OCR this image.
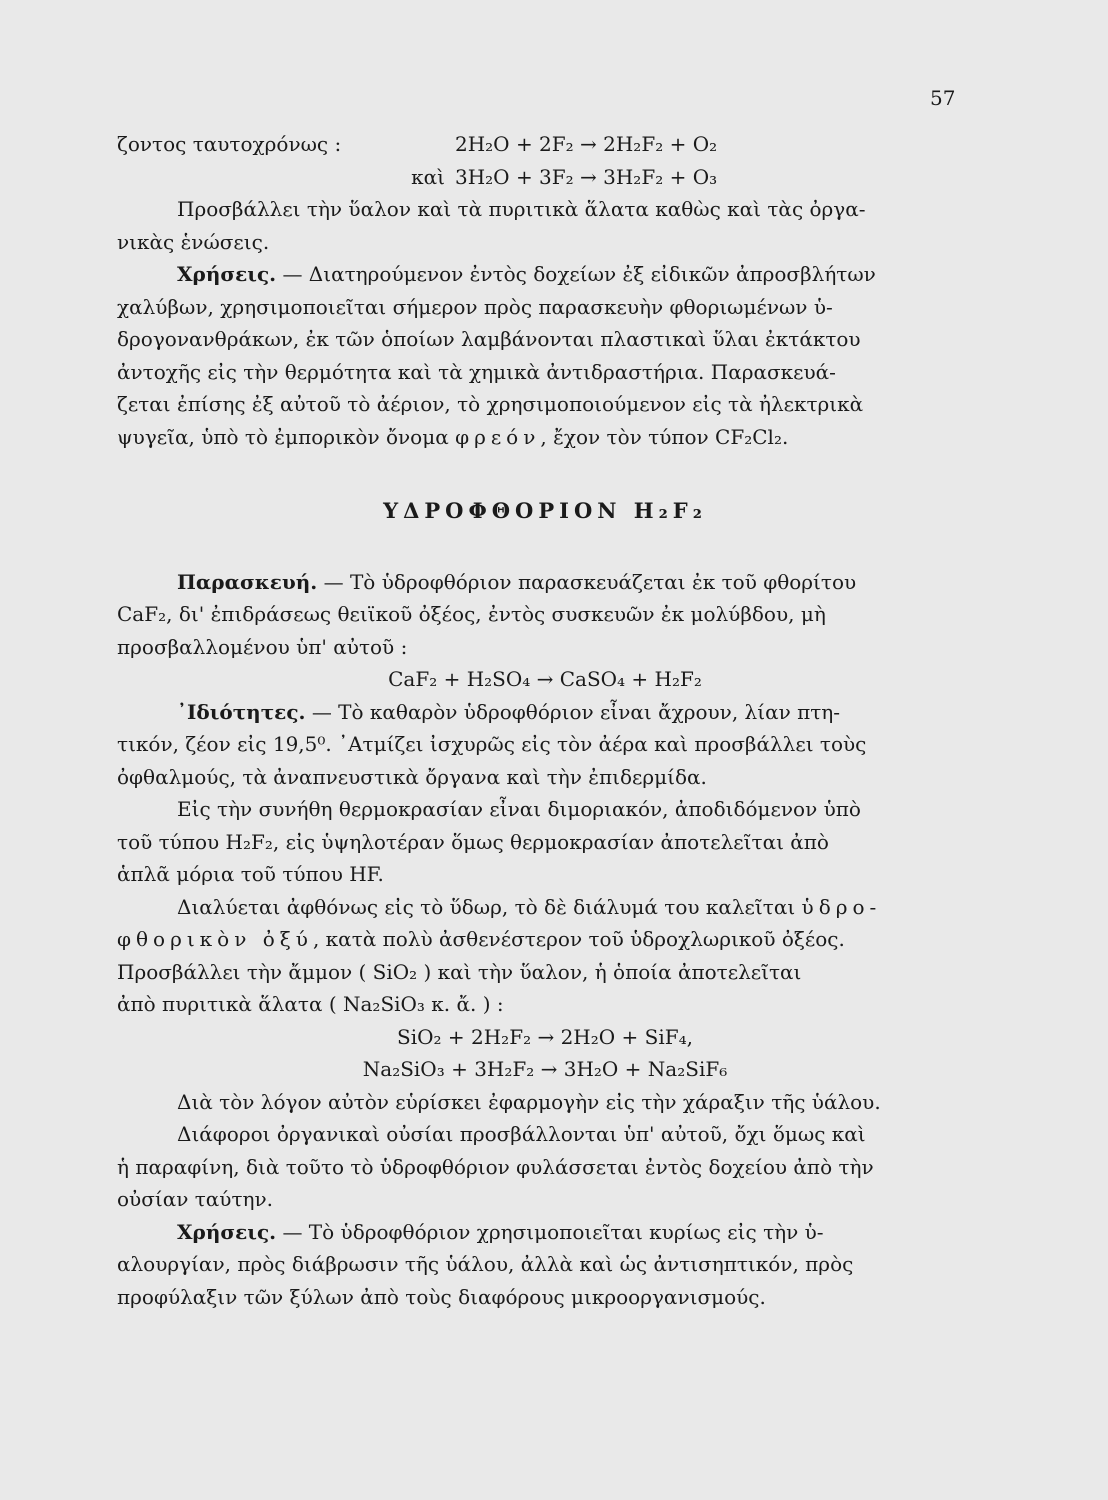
57
ζοντος ταυτοχρόνως :	2H₂O + 2F₂ → 2H₂F₂ + O₂
καὶ 3H₂O + 3F₂ → 3H₂F₂ + O₃
Προσβάλλει τὴν ὕαλον καὶ τὰ πυριτικὰ ἅλατα καθὼς καὶ τὰς ὀργα-
νικὰς ἑνώσεις.
Χρήσεις. — Διατηρούμενον ἐντὸς δοχείων ἐξ εἰδικῶν ἀπροσβλήτων
χαλύβων, χρησιμοποιεῖται σήμερον πρὸς παρασκευὴν φθοριωμένων ὑ-
δρογονανθράκων, ἐκ τῶν ὁποίων λαμβάνονται πλαστικαὶ ὕλαι ἐκτάκτου
ἀντοχῆς εἰς τὴν θερμότητα καὶ τὰ χημικὰ ἀντιδραστήρια. Παρασκευά-
ζεται ἐπίσης ἐξ αὐτοῦ τὸ ἀέριον, τὸ χρησιμοποιούμενον εἰς τὰ ἠλεκτρικὰ
ψυγεῖα, ὑπὸ τὸ ἐμπορικὸν ὄνομα φρεόν, ἔχον τὸν τύπον CF₂Cl₂.
ΥΔΡΟΦΘΟΡΙΟΝ H₂F₂
Παρασκευή. — Τὸ ὑδροφθόριον παρασκευάζεται ἐκ τοῦ φθορίτου
CaF₂, δι' ἐπιδράσεως θειϊκοῦ ὀξέος, ἐντὸς συσκευῶν ἐκ μολύβδου, μὴ
προσβαλλομένου ὑπ' αὐτοῦ :
CaF₂ + H₂SO₄ → CaSO₄ + H₂F₂
᾿Ιδιότητες. — Τὸ καθαρὸν ὑδροφθόριον εἶναι ἄχρουν, λίαν πτη-
τικόν, ζέον εἰς 19,5⁰. ᾿Ατμίζει ἰσχυρῶς εἰς τὸν ἀέρα καὶ προσβάλλει τοὺς
ὀφθαλμούς, τὰ ἀναπνευστικὰ ὄργανα καὶ τὴν ἐπιδερμίδα.
Εἰς τὴν συνήθη θερμοκρασίαν εἶναι διμοριακόν, ἀποδιδόμενον ὑπὸ
τοῦ τύπου H₂F₂, εἰς ὑψηλοτέραν ὅμως θερμοκρασίαν ἀποτελεῖται ἀπὸ
ἁπλᾶ μόρια τοῦ τύπου HF.
Διαλύεται ἀφθόνως εἰς τὸ ὕδωρ, τὸ δὲ διάλυμά του καλεῖται ὑδρο-
φθορικὸν ὀξύ, κατὰ πολὺ ἀσθενέστερον τοῦ ὑδροχλωρικοῦ ὀξέος.
Προσβάλλει τὴν ἄμμον ( SiO₂ ) καὶ τὴν ὕαλον, ἡ ὁποία ἀποτελεῖται
ἀπὸ πυριτικὰ ἅλατα ( Na₂SiO₃ κ. ἄ. ) :
SiO₂ + 2H₂F₂ → 2H₂O + SiF₄,
Na₂SiO₃ + 3H₂F₂ → 3H₂O + Na₂SiF₆
Διὰ τὸν λόγον αὐτὸν εὑρίσκει ἐφαρμογὴν εἰς τὴν χάραξιν τῆς ὑάλου.
Διάφοροι ὀργανικαὶ οὐσίαι προσβάλλονται ὑπ' αὐτοῦ, ὄχι ὅμως καὶ
ἡ παραφίνη, διὰ τοῦτο τὸ ὑδροφθόριον φυλάσσεται ἐντὸς δοχείου ἀπὸ τὴν
οὐσίαν ταύτην.
Χρήσεις. — Τὸ ὑδροφθόριον χρησιμοποιεῖται κυρίως εἰς τὴν ὑ-
αλουργίαν, πρὸς διάβρωσιν τῆς ὑάλου, ἀλλὰ καὶ ὡς ἀντισηπτικόν, πρὸς
προφύλαξιν τῶν ξύλων ἀπὸ τοὺς διαφόρους μικροοργανισμούς.
